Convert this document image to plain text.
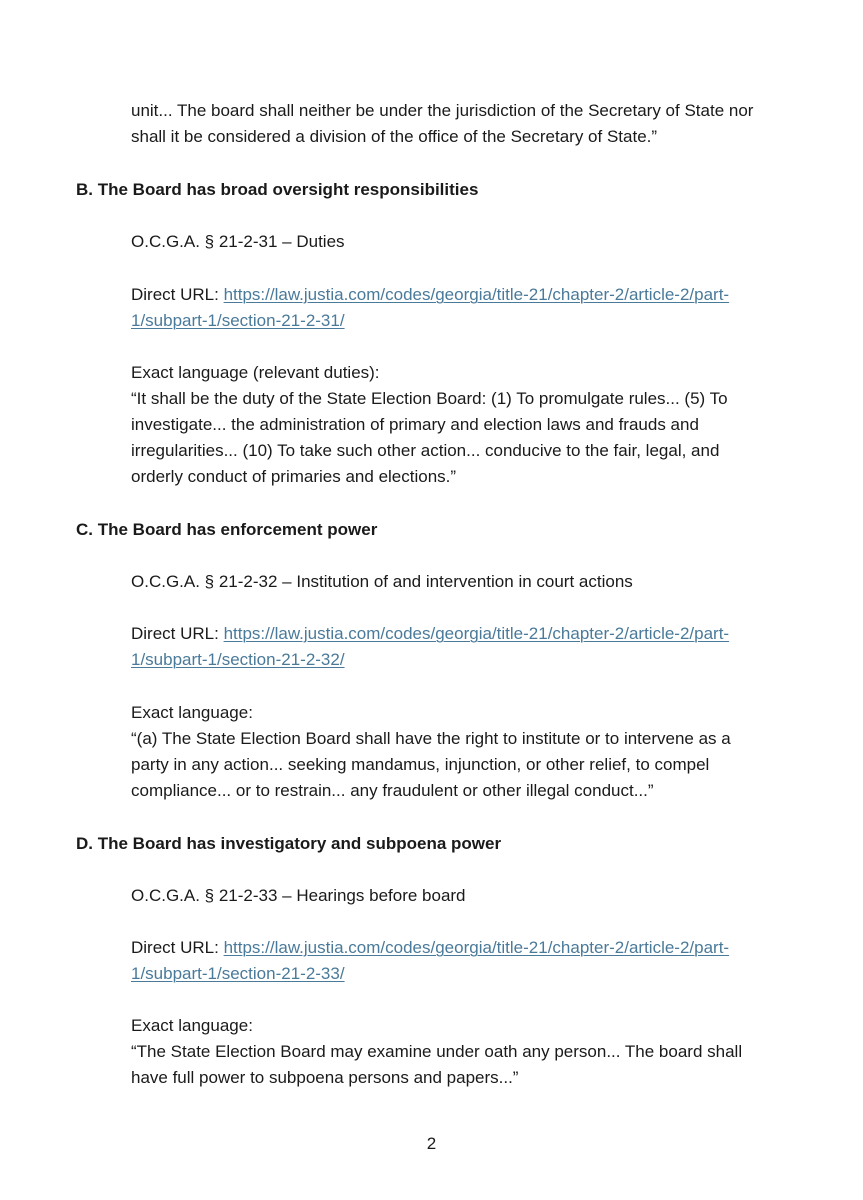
unit... The board shall neither be under the jurisdiction of the Secretary of State nor
shall it be considered a division of the office of the Secretary of State.”
B. The Board has broad oversight responsibilities
O.C.G.A. § 21-2-31 – Duties
Direct URL: https://law.justia.com/codes/georgia/title-21/chapter-2/article-2/part-
1/subpart-1/section-21-2-31/
Exact language (relevant duties):
“It shall be the duty of the State Election Board: (1) To promulgate rules... (5) To
investigate... the administration of primary and election laws and frauds and
irregularities... (10) To take such other action... conducive to the fair, legal, and
orderly conduct of primaries and elections.”
C. The Board has enforcement power
O.C.G.A. § 21-2-32 – Institution of and intervention in court actions
Direct URL: https://law.justia.com/codes/georgia/title-21/chapter-2/article-2/part-
1/subpart-1/section-21-2-32/
Exact language:
“(a) The State Election Board shall have the right to institute or to intervene as a
party in any action... seeking mandamus, injunction, or other relief, to compel
compliance... or to restrain... any fraudulent or other illegal conduct...”
D. The Board has investigatory and subpoena power
O.C.G.A. § 21-2-33 – Hearings before board
Direct URL: https://law.justia.com/codes/georgia/title-21/chapter-2/article-2/part-
1/subpart-1/section-21-2-33/
Exact language:
“The State Election Board may examine under oath any person... The board shall
have full power to subpoena persons and papers...”
2
